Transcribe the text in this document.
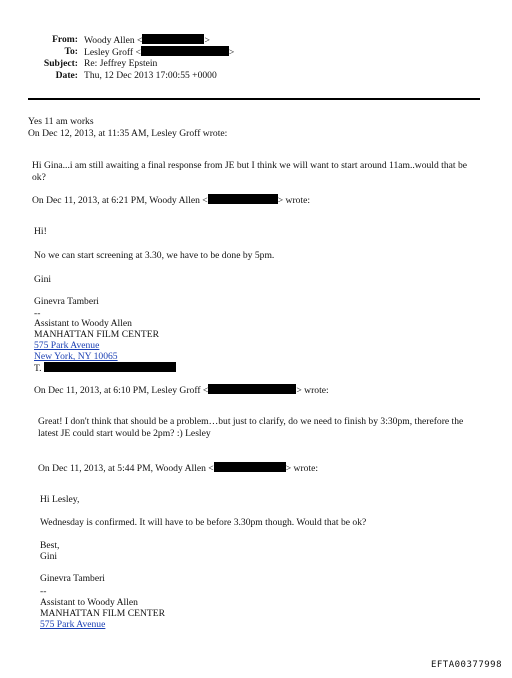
From: Woody Allen <	>
To: Lesley Groff <	>
Subject: Re: Jeffrey Epstein
Date: Thu, 12 Dec 2013 17:00:55 +0000
Yes 11 am works
On Dec 12, 2013, at 11:35 AM, Lesley Groff wrote:
Hi Gina...i am still awaiting a final response from JE but I think we will want to start around 11am..would that be ok?
On Dec 11, 2013, at 6:21 PM, Woody Allen <	> wrote:
Hi!
No we can start screening at 3.30, we have to be done by 5pm.
Gini
Ginevra Tamberi
--
Assistant to Woody Allen
MANHATTAN FILM CENTER
575 Park Avenue
New York, NY 10065
T.
On Dec 11, 2013, at 6:10 PM, Lesley Groff <	> wrote:
Great! I don't think that should be a problem…but just to clarify, do we need to finish by 3:30pm, therefore the latest JE could start would be 2pm? :) Lesley
On Dec 11, 2013, at 5:44 PM, Woody Allen <	> wrote:
Hi Lesley,
Wednesday is confirmed. It will have to be before 3.30pm though. Would that be ok?
Best,
Gini
Ginevra Tamberi
--
Assistant to Woody Allen
MANHATTAN FILM CENTER
575 Park Avenue
EFTA00377998
